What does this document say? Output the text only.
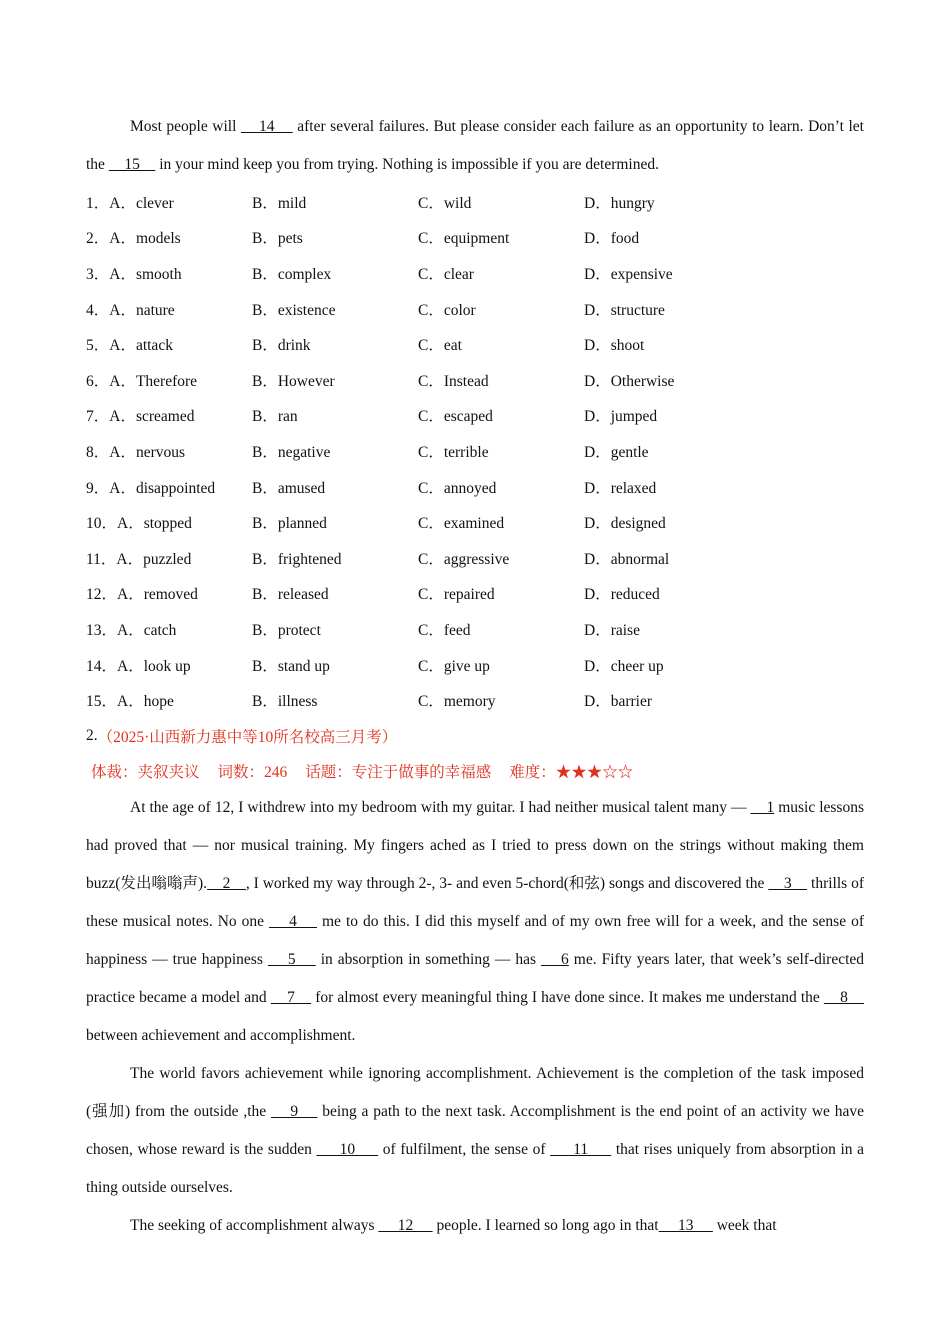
Most people will     14     after several failures. But please consider each failure as an opportunity to learn. Don’t let the     15     in your mind keep you from trying. Nothing is impossible if you are determined.

1．A．clever	B．mild	C．wild	D．hungry
2．A．models	B．pets	C．equipment	D．food
3．A．smooth	B．complex	C．clear	D．expensive
4．A．nature	B．existence	C．color	D．structure
5．A．attack	B．drink	C．eat	D．shoot
6．A．Therefore	B．However	C．Instead	D．Otherwise
7．A．screamed	B．ran	C．escaped	D．jumped
8．A．nervous	B．negative	C．terrible	D．gentle
9．A．disappointed	B．amused	C．annoyed	D．relaxed
10．A．stopped	B．planned	C．examined	D．designed
11．A．puzzled	B．frightened	C．aggressive	D．abnormal
12．A．removed	B．released	C．repaired	D．reduced
13．A．catch	B．protect	C．feed	D．raise
14．A．look up	B．stand up	C．give up	D．cheer up
15．A．hope	B．illness	C．memory	D．barrier
2. （2025·山西新力惠中等10所名校高三月考）
体裁：夹叙夹议 词数：246 话题：专注于做事的幸福感 难度：★★★☆☆

At the age of 12, I withdrew into my bedroom with my guitar. I had neither musical talent many —     1 music lessons had proved that — nor musical training. My fingers ached as I tried to press down on the strings without making them buzz(发出嗡嗡声).    2    , I worked my way through 2-, 3- and even 5-chord(和弦) songs and discovered the     3     thrills of these musical notes. No one     4     me to do this. I did this myself and of my own free will for a week, and the sense of happiness — true happiness     5     in absorption in something — has     6 me. Fifty years later, that week’s self-directed practice became a model and     7     for almost every meaningful thing I have done since. It makes me understand the     8     between achievement and accomplishment.

The world favors achievement while ignoring accomplishment. Achievement is the completion of the task imposed (强加) from the outside ,the     9     being a path to the next task. Accomplishment is the end point of an activity we have chosen, whose reward is the sudden      10      of fulfilment, the sense of      11      that rises uniquely from absorption in a thing outside ourselves.

The seeking of accomplishment always      12      people. I learned so long ago in that     13      week that
